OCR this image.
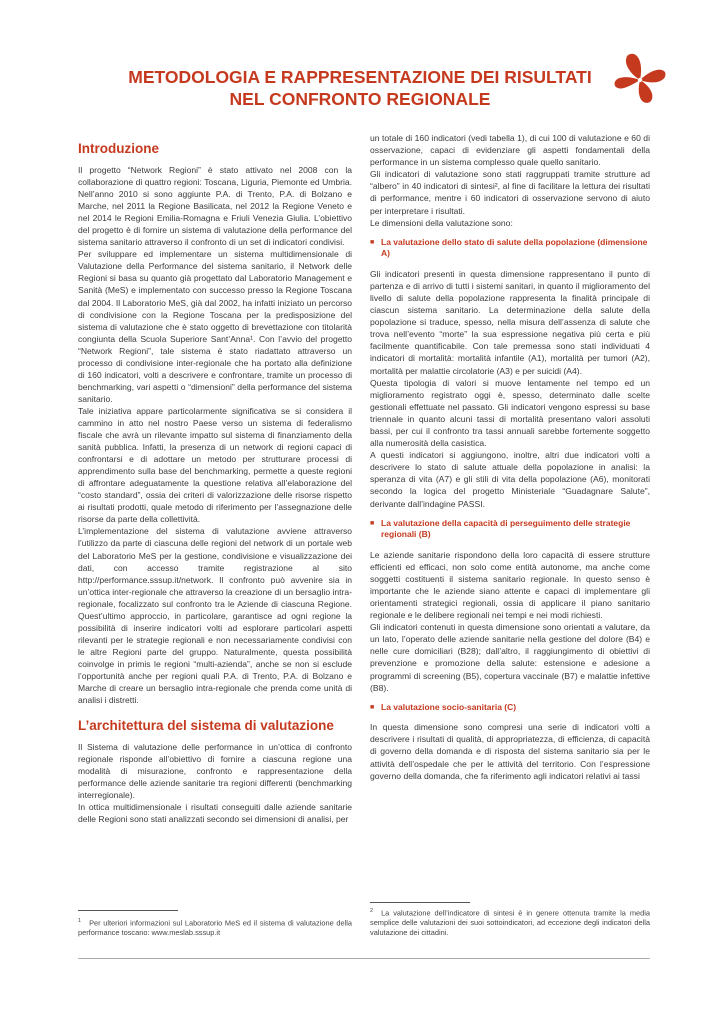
METODOLOGIA E RAPPRESENTAZIONE DEI RISULTATI
NEL CONFRONTO REGIONALE
Introduzione

Il progetto “Network Regioni” è stato attivato nel 2008 con la collaborazione di quattro regioni: Toscana, Liguria, Piemonte ed Umbria. Nell’anno 2010 si sono aggiunte P.A. di Trento, P.A. di Bolzano e Marche, nel 2011 la Regione Basilicata, nel 2012 la Regione Veneto e nel 2014 le Regioni Emilia-Romagna e Friuli Venezia Giulia. L’obiettivo del progetto è di fornire un sistema di valutazione della performance del sistema sanitario attraverso il confronto di un set di indicatori condivisi.

Per sviluppare ed implementare un sistema multidimensionale di Valutazione della Performance del sistema sanitario, il Network delle Regioni si basa su quanto già progettato dal Laboratorio Management e Sanità (MeS) e implementato con successo presso la Regione Toscana dal 2004. Il Laboratorio MeS, già dal 2002, ha infatti iniziato un percorso di condivisione con la Regione Toscana per la predisposizione del sistema di valutazione che è stato oggetto di brevettazione con titolarità congiunta della Scuola Superiore Sant’Anna¹. Con l’avvio del progetto “Network Regioni”, tale sistema è stato riadattato attraverso un processo di condivisione inter-regionale che ha portato alla definizione di 160 indicatori, volti a descrivere e confrontare, tramite un processo di benchmarking, vari aspetti o “dimensioni” della performance del sistema sanitario.

Tale iniziativa appare particolarmente significativa se si considera il cammino in atto nel nostro Paese verso un sistema di federalismo fiscale che avrà un rilevante impatto sul sistema di finanziamento della sanità pubblica. Infatti, la presenza di un network di regioni capaci di confrontarsi e di adottare un metodo per strutturare processi di apprendimento sulla base del benchmarking, permette a queste regioni di affrontare adeguatamente la questione relativa all’elaborazione del “costo standard”, ossia dei criteri di valorizzazione delle risorse rispetto ai risultati prodotti, quale metodo di riferimento per l’assegnazione delle risorse da parte della collettività.

L’implementazione del sistema di valutazione avviene attraverso l’utilizzo da parte di ciascuna delle regioni del network di un portale web del Laboratorio MeS per la gestione, condivisione e visualizzazione dei dati, con accesso tramite registrazione al sito http://performance.sssup.it/network. Il confronto può avvenire sia in un’ottica inter-regionale che attraverso la creazione di un bersaglio intra-regionale, focalizzato sul confronto tra le Aziende di ciascuna Regione. Quest’ultimo approccio, in particolare, garantisce ad ogni regione la possibilità di inserire indicatori volti ad esplorare particolari aspetti rilevanti per le strategie regionali e non necessariamente condivisi con le altre Regioni parte del gruppo. Naturalmente, questa possibilità coinvolge in primis le regioni “multi-azienda”, anche se non si esclude l’opportunità anche per regioni quali P.A. di Trento, P.A. di Bolzano e Marche di creare un bersaglio intra-regionale che prenda come unità di analisi i distretti.

L’architettura del sistema di valutazione

Il Sistema di valutazione delle performance in un’ottica di confronto regionale risponde all’obiettivo di fornire a ciascuna regione una modalità di misurazione, confronto e rappresentazione della performance delle aziende sanitarie tra regioni differenti (benchmarking interregionale).

In ottica multidimensionale i risultati conseguiti dalle aziende sanitarie delle Regioni sono stati analizzati secondo sei dimensioni di analisi, per

un totale di 160 indicatori (vedi tabella 1), di cui 100 di valutazione e 60 di osservazione, capaci di evidenziare gli aspetti fondamentali della performance in un sistema complesso quale quello sanitario.

Gli indicatori di valutazione sono stati raggruppati tramite strutture ad “albero” in 40 indicatori di sintesi², al fine di facilitare la lettura dei risultati di performance, mentre i 60 indicatori di osservazione servono di aiuto per interpretare i risultati.

Le dimensioni della valutazione sono:

■ La valutazione dello stato di salute della popolazione (dimensione A)

Gli indicatori presenti in questa dimensione rappresentano il punto di partenza e di arrivo di tutti i sistemi sanitari, in quanto il miglioramento del livello di salute della popolazione rappresenta la finalità principale di ciascun sistema sanitario. La determinazione della salute della popolazione si traduce, spesso, nella misura dell’assenza di salute che trova nell’evento “morte” la sua espressione negativa più certa e più facilmente quantificabile. Con tale premessa sono stati individuati 4 indicatori di mortalità: mortalità infantile (A1), mortalità per tumori (A2), mortalità per malattie circolatorie (A3) e per suicidi (A4).

Questa tipologia di valori si muove lentamente nel tempo ed un miglioramento registrato oggi è, spesso, determinato dalle scelte gestionali effettuate nel passato. Gli indicatori vengono espressi su base triennale in quanto alcuni tassi di mortalità presentano valori assoluti bassi, per cui il confronto tra tassi annuali sarebbe fortemente soggetto alla numerosità della casistica.

A questi indicatori si aggiungono, inoltre, altri due indicatori volti a descrivere lo stato di salute attuale della popolazione in analisi: la speranza di vita (A7) e gli stili di vita della popolazione (A6), monitorati secondo la logica del progetto Ministeriale “Guadagnare Salute”, derivante dall’indagine PASSI.

■ La valutazione della capacità di perseguimento delle strategie regionali (B)

Le aziende sanitarie rispondono della loro capacità di essere strutture efficienti ed efficaci, non solo come entità autonome, ma anche come soggetti costituenti il sistema sanitario regionale. In questo senso è importante che le aziende siano attente e capaci di implementare gli orientamenti strategici regionali, ossia di applicare il piano sanitario regionale e le delibere regionali nei tempi e nei modi richiesti.

Gli indicatori contenuti in questa dimensione sono orientati a valutare, da un lato, l’operato delle aziende sanitarie nella gestione del dolore (B4) e nelle cure domiciliari (B28); dall’altro, il raggiungimento di obiettivi di prevenzione e promozione della salute: estensione e adesione a programmi di screening (B5), copertura vaccinale (B7) e malattie infettive (B8).

■ La valutazione socio-sanitaria (C)

In questa dimensione sono compresi una serie di indicatori volti a descrivere i risultati di qualità, di appropriatezza, di efficienza, di capacità di governo della domanda e di risposta del sistema sanitario sia per le attività dell’ospedale che per le attività del territorio. Con l’espressione governo della domanda, che fa riferimento agli indicatori relativi ai tassi

$^1$ Per ulteriori informazioni sul Laboratorio MeS ed il sistema di valutazione della performance toscano: www.meslab.sssup.it
$^2$ La valutazione dell’indicatore di sintesi è in genere ottenuta tramite la media semplice delle valutazioni dei suoi sottoindicatori, ad eccezione degli indicatori della valutazione dei cittadini.
